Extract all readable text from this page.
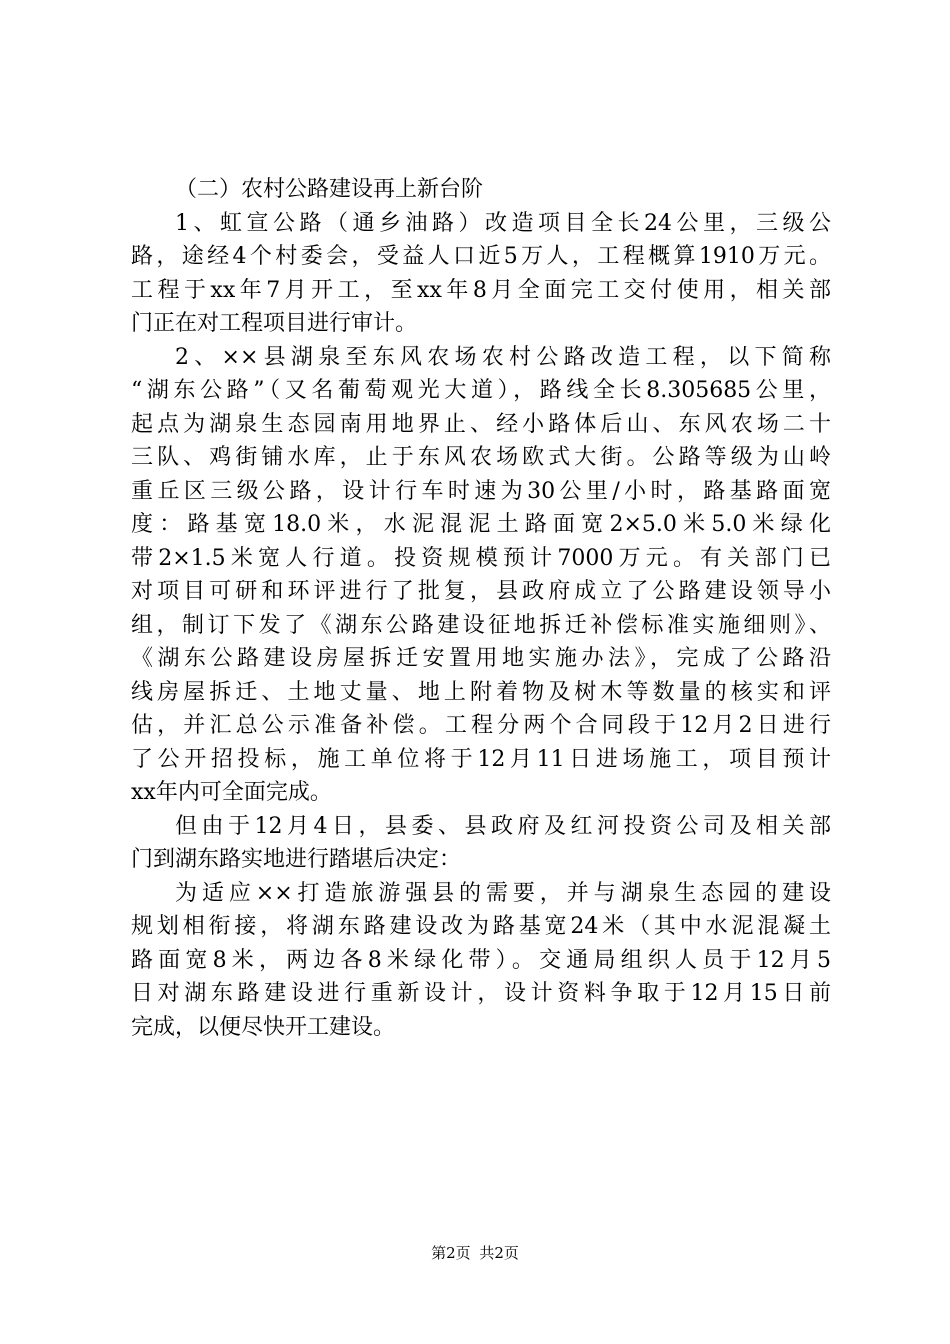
（二）农村公路建设再上新台阶
1、虹宣公路（通乡油路）改造项目全长24公里，三级公
路，途经4个村委会，受益人口近5万人，工程概算1910万元。
工程于xx年7月开工，至xx年8月全面完工交付使用，相关部
门正在对工程项目进行审计。
2、××县湖泉至东风农场农村公路改造工程，以下简称
“湖东公路”（又名葡萄观光大道），路线全长8.305685公里，
起点为湖泉生态园南用地界止、经小路体后山、东风农场二十
三队、鸡街铺水库，止于东风农场欧式大街。公路等级为山岭
重丘区三级公路，设计行车时速为30公里/小时，路基路面宽
度：路基宽18.0米，水泥混泥土路面宽2×5.0米5.0米绿化
带2×1.5米宽人行道。投资规模预计7000万元。有关部门已
对项目可研和环评进行了批复，县政府成立了公路建设领导小
组，制订下发了《湖东公路建设征地拆迁补偿标准实施细则》、
《湖东公路建设房屋拆迁安置用地实施办法》，完成了公路沿
线房屋拆迁、土地丈量、地上附着物及树木等数量的核实和评
估，并汇总公示准备补偿。工程分两个合同段于12月2日进行
了公开招投标，施工单位将于12月11日进场施工，项目预计
xx年内可全面完成。
但由于12月4日，县委、县政府及红河投资公司及相关部
门到湖东路实地进行踏堪后决定：
为适应××打造旅游强县的需要，并与湖泉生态园的建设
规划相衔接，将湖东路建设改为路基宽24米（其中水泥混凝土
路面宽8米，两边各8米绿化带）。交通局组织人员于12月5
日对湖东路建设进行重新设计，设计资料争取于12月15日前
完成，以便尽快开工建设。
第2页 共2页
